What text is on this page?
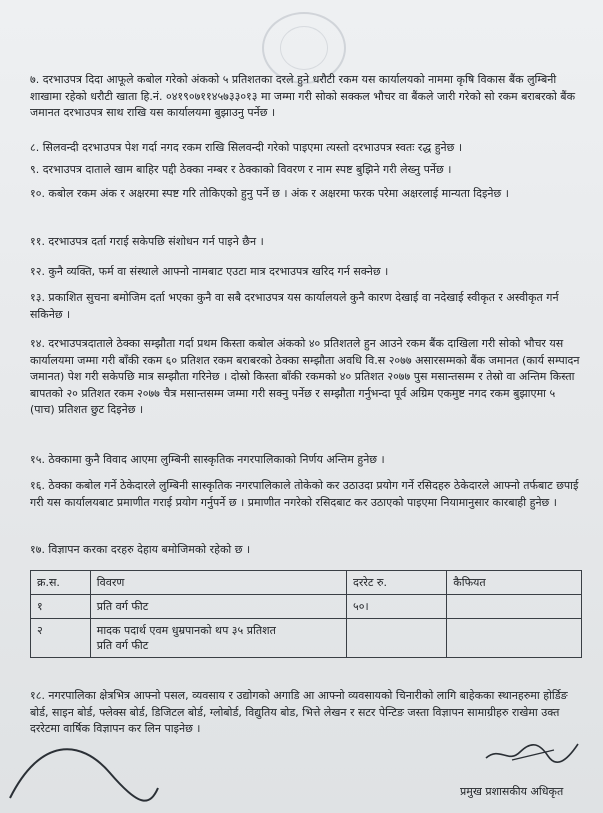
७. दरभाउपत्र दिदा आफूले कबोल गरेको अंकको ५ प्रतिशतका दरले हुने धरौटी रकम यस कार्यालयको नाममा कृषि विकास बैंक लुम्बिनी शाखामा रहेको धरौटी खाता हि.नं. ०४१९०७११४५७३३०१३ मा जम्मा गरी सोको सक्कल भौचर वा बैंकले जारी गरेको सो रकम बराबरको बैंक जमानत दरभाउपत्र साथ राखि यस कार्यालयमा बुझाउनु पर्नेछ ।
८. सिलवन्दी दरभाउपत्र पेश गर्दा नगद रकम राखि सिलवन्दी गरेको पाइएमा त्यस्तो दरभाउपत्र स्वतः रद्ध हुनेछ ।
९. दरभाउपत्र दाताले खाम बाहिर पद्दी ठेक्का नम्बर र ठेक्काको विवरण र नाम स्पष्ट बुझिने गरी लेख्नु पर्नेछ ।
१०. कबोल रकम अंक र अक्षरमा स्पष्ट गरि तोकिएको हुनु पर्ने छ । अंक र अक्षरमा फरक परेमा अक्षरलाई मान्यता दिइनेछ ।
११. दरभाउपत्र दर्ता गराई सकेपछि संशोधन गर्न पाइने छैन ।
१२. कुनै व्यक्ति, फर्म वा संस्थाले आफ्नो नामबाट एउटा मात्र दरभाउपत्र खरिद गर्न सक्नेछ ।
१३. प्रकाशित सुचना बमोजिम दर्ता भएका कुनै वा सबै दरभाउपत्र यस कार्यालयले कुनै कारण देखाई वा नदेखाई स्वीकृत र अस्वीकृत गर्न सकिनेछ ।
१४. दरभाउपत्रदाताले ठेक्का सम्झौता गर्दा प्रथम किस्ता कबोल अंकको ४० प्रतिशतले हुन आउने रकम बैंक दाखिला गरी सोको भौचर यस कार्यालयमा जम्मा गरी बाँकी रकम ६० प्रतिशत रकम बराबरको ठेक्का सम्झौता अवधि वि.स २०७७ असारसम्मको बैंक जमानत (कार्य सम्पादन जमानत) पेश गरी सकेपछि मात्र सम्झौता गरिनेछ । दोस्रो किस्ता बाँकी रकमको ४० प्रतिशत २०७७ पुस मसान्तसम्म र तेस्रो वा अन्तिम किस्ता बापतको २० प्रतिशत रकम २०७७ चैत्र मसान्तसम्म जम्मा गरी सक्नु पर्नेछ र सम्झौता गर्नुभन्दा पूर्व अग्रिम एकमुष्ट नगद रकम बुझाएमा ५ (पाच) प्रतिशत छुट दिइनेछ ।
१५. ठेक्कामा कुनै विवाद आएमा लुम्बिनी सास्कृतिक नगरपालिकाको निर्णय अन्तिम हुनेछ ।
१६. ठेक्का कबोल गर्ने ठेकेदारले लुम्बिनी सास्कृतिक नगरपालिकाले तोकेको कर उठाउदा प्रयोग गर्ने रसिदहरु ठेकेदारले आफ्नो तर्फबाट छपाई गरी यस कार्यालयबाट प्रमाणीत गराई प्रयोग गर्नुपर्ने छ । प्रमाणीत नगरेको रसिदबाट कर उठाएको पाइएमा नियामानुसार कारबाही हुनेछ ।
१७. विज्ञापन करका दरहरु देहाय बमोजिमको रहेको छ ।
क्र.स.	विवरण	दररेट रु.	कैफियत
१	प्रति वर्ग फीट	५०।	
२	मादक पदार्थ एवम धुम्रपानको थप ३५ प्रतिशत
प्रति वर्ग फीट		
१८. नगरपालिका क्षेत्रभित्र आफ्नो पसल, व्यवसाय र उद्योगको अगाडि आ आफ्नो व्यवसायको चिनारीको लागि बाहेकका स्थानहरुमा होर्डिङ बोर्ड, साइन बोर्ड, फ्लेक्स बोर्ड, डिजिटल बोर्ड, ग्लोबोर्ड, विद्युतिय बोड, भित्ते लेखन र सटर पेन्टिङ जस्ता विज्ञापन सामाग्रीहरु राखेमा उक्त दररेटमा वार्षिक विज्ञापन कर लिन पाइनेछ ।
प्रमुख प्रशासकीय अधिकृत
